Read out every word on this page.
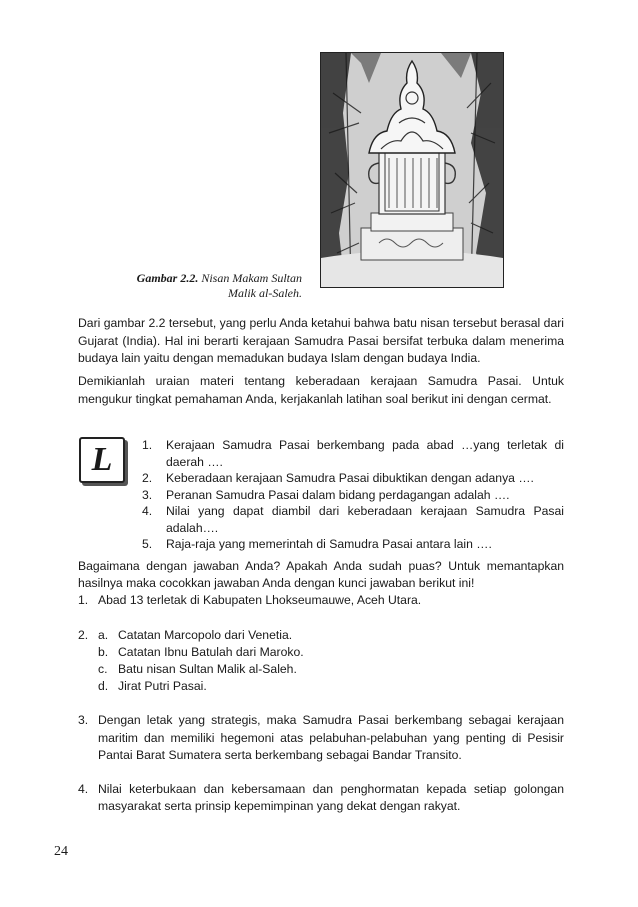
Gambar 2.2. Nisan Makam Sultan
Malik al-Saleh.

Dari gambar 2.2 tersebut, yang perlu Anda ketahui bahwa batu nisan tersebut berasal dari Gujarat (India). Hal ini berarti kerajaan Samudra Pasai bersifat terbuka dalam menerima budaya lain yaitu dengan memadukan budaya Islam dengan budaya India.

Demikianlah uraian materi tentang keberadaan kerajaan Samudra Pasai. Untuk mengukur tingkat pemahaman Anda, kerjakanlah latihan soal berikut ini dengan cermat.

L	1. Kerajaan Samudra Pasai berkembang pada abad …yang terletak di daerah ….
2. Keberadaan kerajaan Samudra Pasai dibuktikan dengan adanya ….
3. Peranan Samudra Pasai dalam bidang perdagangan adalah ….
4. Nilai yang dapat diambil dari keberadaan kerajaan Samudra Pasai adalah….
5. Raja-raja yang memerintah di Samudra Pasai antara lain ….
Bagaimana dengan jawaban Anda? Apakah Anda sudah puas? Untuk memantapkan hasilnya maka cocokkan jawaban Anda dengan kunci jawaban berikut ini!
1. Abad 13 terletak di Kabupaten Lhokseumauwe, Aceh Utara.
2. a. Catatan Marcopolo dari Venetia.
b. Catatan Ibnu Batulah dari Maroko.
c. Batu nisan Sultan Malik al-Saleh.
d. Jirat Putri Pasai.
3. Dengan letak yang strategis, maka Samudra Pasai berkembang sebagai kerajaan maritim dan memiliki hegemoni atas pelabuhan-pelabuhan yang penting di Pesisir Pantai Barat Sumatera serta berkembang sebagai Bandar Transito.
4. Nilai keterbukaan dan kebersamaan dan penghormatan kepada setiap golongan masyarakat serta prinsip kepemimpinan yang dekat dengan rakyat.
24
